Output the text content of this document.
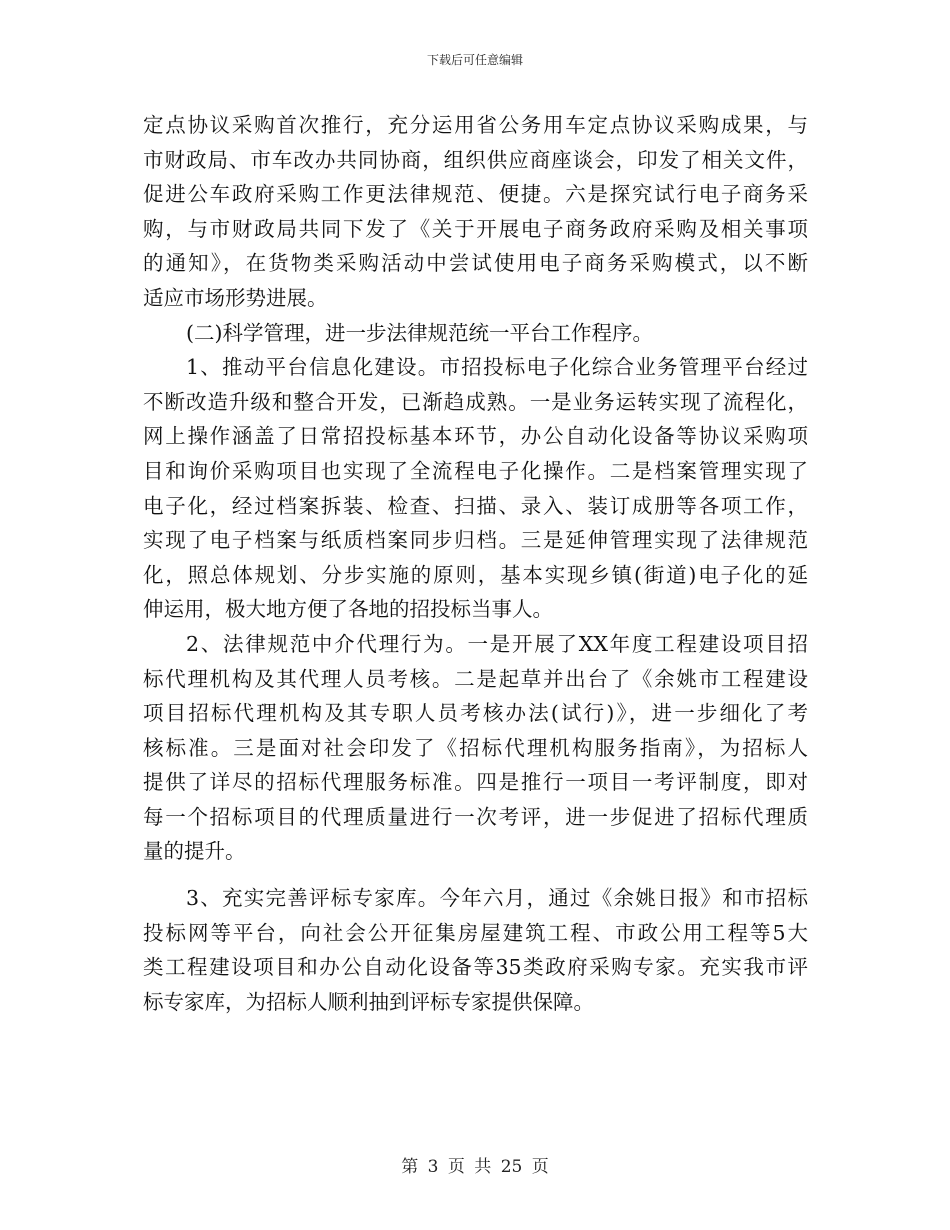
下载后可任意编辑
定点协议采购首次推行，充分运用省公务用车定点协议采购成果，与
市财政局、市车改办共同协商，组织供应商座谈会，印发了相关文件，
促进公车政府采购工作更法律规范、便捷。六是探究试行电子商务采
购，与市财政局共同下发了《关于开展电子商务政府采购及相关事项
的通知》，在货物类采购活动中尝试使用电子商务采购模式，以不断
适应市场形势进展。
(二)科学管理，进一步法律规范统一平台工作程序。
1、推动平台信息化建设。市招投标电子化综合业务管理平台经过
不断改造升级和整合开发，已渐趋成熟。一是业务运转实现了流程化，
网上操作涵盖了日常招投标基本环节，办公自动化设备等协议采购项
目和询价采购项目也实现了全流程电子化操作。二是档案管理实现了
电子化，经过档案拆装、检查、扫描、录入、装订成册等各项工作，
实现了电子档案与纸质档案同步归档。三是延伸管理实现了法律规范
化，照总体规划、分步实施的原则，基本实现乡镇(街道)电子化的延
伸运用，极大地方便了各地的招投标当事人。
2、法律规范中介代理行为。一是开展了XX年度工程建设项目招
标代理机构及其代理人员考核。二是起草并出台了《余姚市工程建设
项目招标代理机构及其专职人员考核办法(试行)》，进一步细化了考
核标准。三是面对社会印发了《招标代理机构服务指南》，为招标人
提供了详尽的招标代理服务标准。四是推行一项目一考评制度，即对
每一个招标项目的代理质量进行一次考评，进一步促进了招标代理质
量的提升。
3、充实完善评标专家库。今年六月，通过《余姚日报》和市招标
投标网等平台，向社会公开征集房屋建筑工程、市政公用工程等5大
类工程建设项目和办公自动化设备等35类政府采购专家。充实我市评
标专家库，为招标人顺利抽到评标专家提供保障。
第 3 页 共 25 页
